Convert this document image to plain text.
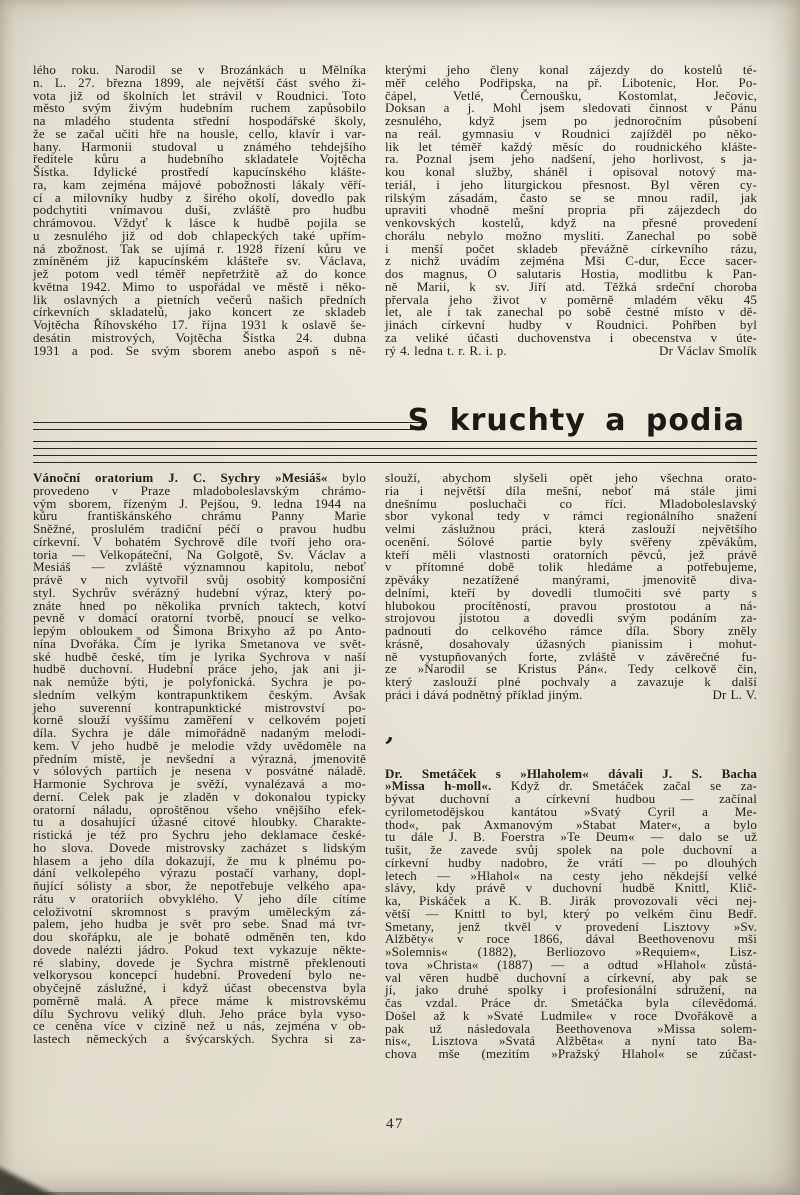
lého roku. Narodil se v Brozánkách u Mělníka
n. L. 27. března 1899, ale největší část svého ži-
vota již od školních let strávil v Roudnici. Toto
město svým živým hudebním ruchem zapůsobilo
na mladého studenta střední hospodářské školy,
že se začal učiti hře na housle, cello, klavír i var-
hany. Harmonii studoval u známého tehdejšího
ředitele kůru a hudebního skladatele Vojtěcha
Šístka. Idylické prostředí kapucínského klášte-
ra, kam zejména májové pobožnosti lákaly věří-
cí a milovníky hudby z širého okolí, dovedlo pak
podchytiti vnímavou duši, zvláště pro hudbu
chrámovou. Vždyť k lásce k hudbě pojila se
u zesnulého již od dob chlapeckých také upřím-
ná zbožnost. Tak se ujímá r. 1928 řízení kůru ve
zmíněném již kapucínském klášteře sv. Václava,
jež potom vedl téměř nepřetržitě až do konce
května 1942. Mimo to uspořádal ve městě i něko-
lik oslavných a pietních večerů našich předních
církevních skladatelů, jako koncert ze skladeb
Vojtěcha Říhovského 17. října 1931 k oslavě še-
desátin mistrových, Vojtěcha Šístka 24. dubna
1931 a pod. Se svým sborem anebo aspoň s ně-
kterými jeho členy konal zájezdy do kostelů té-
měř celého Podřipska, na př. Libotenic, Hor. Po-
čápel, Vetlé, Černoušku, Kostomlat, Ječovic,
Doksan a j. Mohl jsem sledovati činnost v Pánu
zesnulého, když jsem po jednoročním působení
na reál. gymnasiu v Roudnici zajížděl po něko-
lik let téměř každý měsíc do roudnického klášte-
ra. Poznal jsem jeho nadšení, jeho horlivost, s ja-
kou konal služby, sháněl i opisoval notový ma-
teriál, i jeho liturgickou přesnost. Byl věren cy-
rilským zásadám, často se se mnou radil, jak
upraviti vhodně mešní propria při zájezdech do
venkovských kostelů, když na přesné provedení
chorálu nebylo možno mysliti. Zanechal po sobě
i menší počet skladeb převážně církevního rázu,
z nichž uvádím zejména Mši C-dur, Ecce sacer-
dos magnus, O salutaris Hostia, modlitbu k Pan-
ně Marii, k sv. Jiří atd. Těžká srdeční choroba
přervala jeho život v poměrně mladém věku 45
let, ale i tak zanechal po sobě čestné místo v dě-
jinách církevní hudby v Roudnici. Pohřben byl
za veliké účasti duchovenstva i obecenstva v úte-
rý 4. ledna t. r. R. i. p.	Dr Václav Smolík
S kruchty a podia
Vánoční oratorium J. C. Sychry »Mesiáš« bylo
provedeno v Praze mladoboleslavským chrámo-
vým sborem, řízeným J. Pejšou, 9. ledna 1944 na
kůru františkánského chrámu Panny Marie
Sněžné, proslulém tradiční péčí o pravou hudbu
církevní. V bohatém Sychrově díle tvoří jeho ora-
toria — Velkopáteční, Na Golgotě, Sv. Václav a
Mesiáš — zvláště významnou kapitolu, neboť
právě v nich vytvořil svůj osobitý komposiční
styl. Sychrův svérázný hudební výraz, který po-
znáte hned po několika prvních taktech, kotví
pevně v domácí oratorní tvorbě, pnoucí se velko-
lepým obloukem od Šimona Brixyho až po Anto-
nína Dvořáka. Čím je lyrika Smetanova ve svět-
ské hudbě české, tím je lyrika Sychrova v naší
hudbě duchovní. Hudební práce jeho, jak ani ji-
nak nemůže býti, je polyfonická. Sychra je po-
sledním velkým kontrapunktikem českým. Avšak
jeho suverenní kontrapunktické mistrovství po-
korně slouží vyššímu zaměření v celkovém pojetí
díla. Sychra je dále mimořádně nadaným melodi-
kem. V jeho hudbě je melodie vždy uvědoměle na
předním místě, je nevšední a výrazná, jmenovitě
v sólových partiích je nesena v posvátné náladě.
Harmonie Sychrova je svěží, vynalézavá a mo-
derní. Celek pak je zladěn v dokonalou typicky
oratorní náladu, oproštěnou všeho vnějšího efek-
tu a dosahující úžasné citové hloubky. Charakte-
ristická je též pro Sychru jeho deklamace české-
ho slova. Dovede mistrovsky zacházet s lidským
hlasem a jeho díla dokazují, že mu k plnému po-
dání velkolepého výrazu postačí varhany, dopl-
ňující sólisty a sbor, že nepotřebuje velkého apa-
rátu v oratoriích obvyklého. V jeho díle cítíme
celoživotní skromnost s pravým uměleckým zá-
palem, jeho hudba je svět pro sebe. Snad má tvr-
dou skořápku, ale je bohatě odměněn ten, kdo
dovede nalézti jádro. Pokud text vykazuje někte-
ré slabiny, dovede je Sychra mistrně překlenouti
velkorysou koncepcí hudební. Provedení bylo ne-
obyčejně záslužné, i když účast obecenstva byla
poměrně malá. A přece máme k mistrovskému
dílu Sychrovu veliký dluh. Jeho práce byla vyso-
ce ceněna více v cizině než u nás, zejména v ob-
lastech německých a švýcarských. Sychra si za-
slouží, abychom slyšeli opět jeho všechna orato-
ria i největší díla mešní, neboť má stále jimi
dnešnímu posluchači co říci. Mladoboleslavský
sbor vykonal tedy v rámci regionálního snažení
velmi záslužnou práci, která zaslouží největšího
ocenění. Sólové partie byly svěřeny zpěvákům,
kteří měli vlastnosti oratorních pěvců, jež právě
v přítomné době tolik hledáme a potřebujeme,
zpěváky nezatížené manýrami, jmenovitě diva-
delními, kteří by dovedli tlumočiti své party s
hlubokou procítěností, pravou prostotou a ná-
strojovou jistotou a dovedli svým podáním za-
padnouti do celkového rámce díla. Sbory zněly
krásně, dosahovaly úžasných pianissim i mohut-
ně vystupňovaných forte, zvláště v závěrečné fu-
ze »Narodil se Kristus Pán«. Tedy celkově čin,
který zaslouží plné pochvaly a zavazuje k další
práci i dává podnětný příklad jiným.	Dr L. V.
,
Dr. Smetáček s »Hlaholem« dávali J. S. Bacha
»Missa h-moll«. Když dr. Smetáček začal se za-
bývat duchovní a církevní hudbou — začínal
cyrilometodějskou kantátou »Svatý Cyril a Me-
thod«, pak Axmanovým »Stabat Mater«, a bylo
tu dále J. B. Foerstra »Te Deum« — dalo se už
tušit, že zavede svůj spolek na pole duchovní a
církevní hudby nadobro, že vrátí — po dlouhých
letech — »Hlahol« na cesty jeho někdejší velké
slávy, kdy právě v duchovní hudbě Knittl, Klič-
ka, Piskáček a K. B. Jirák provozovali věci nej-
větší — Knittl to byl, který po velkém činu Bedř.
Smetany, jenž tkvěl v provedení Lisztovy »Sv.
Alžběty« v roce 1866, dával Beethovenovu mši
»Solemnis« (1882), Berliozovo »Requiem«, Lisz-
tova »Christa« (1887) — a odtud »Hlahol« zůstá-
val věren hudbě duchovní a církevní, aby pak se
jí, jako druhé spolky i profesionální sdružení, na
čas vzdal. Práce dr. Smetáčka byla cílevědomá.
Došel až k »Svaté Ludmile« v roce Dvořákově a
pak už následovala Beethovenova »Missa solem-
nis«, Lisztova »Svatá Alžběta« a nyní tato Ba-
chova mše (mezitím »Pražský Hlahol« se zúčast-
47
